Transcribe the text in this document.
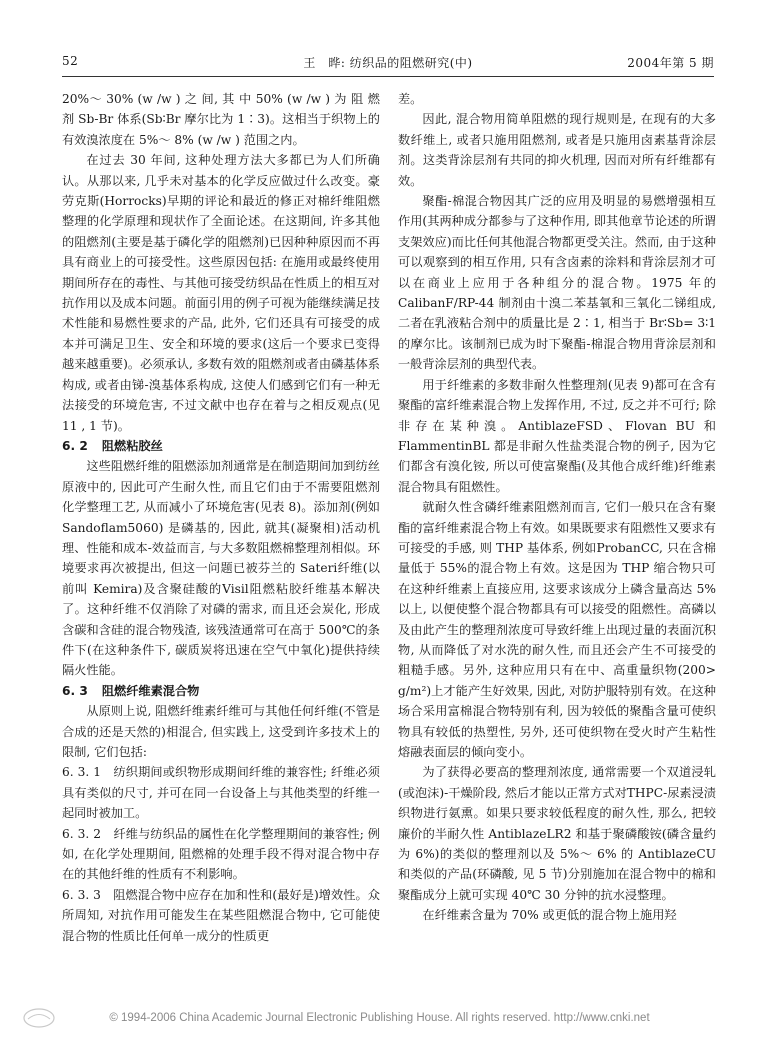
52	王　晔: 纺织品的阻燃研究(中)	2004年第 5 期

20%～ 30% (w /w ) 之 间, 其 中 50% (w /w ) 为 阻 燃 剂 Sb-Br 体系(Sb∶Br 摩尔比为 1∶3)。这相当于织物上的有效溴浓度在 5%～ 8% (w /w ) 范围之内。

在过去 30 年间, 这种处理方法大多都已为人们所确认。从那以来, 几乎未对基本的化学反应做过什么改变。豪劳克斯(Horrocks)早期的评论和最近的修正对棉纤维阻燃整理的化学原理和现状作了全面论述。在这期间, 许多其他的阻燃剂(主要是基于磷化学的阻燃剂)已因种种原因而不再具有商业上的可接受性。这些原因包括: 在施用或最终使用期间所存在的毒性、与其他可接受纺织品在性质上的相互对抗作用以及成本问题。前面引用的例子可视为能继续满足技术性能和易燃性要求的产品, 此外, 它们还具有可接受的成本并可满足卫生、安全和环境的要求(这后一个要求已变得越来越重要)。必须承认, 多数有效的阻燃剂或者由磷基体系构成, 或者由锑-溴基体系构成, 这使人们感到它们有一种无法接受的环境危害, 不过文献中也存在着与之相反观点(见 11 , 1 节)。

6. 2 阻燃粘胶丝

这些阻燃纤维的阻燃添加剂通常是在制造期间加到纺丝原液中的, 因此可产生耐久性, 而且它们由于不需要阻燃剂化学整理工艺, 从而减小了环境危害(见表 8)。添加剂(例如 Sandoflam5060) 是磷基的, 因此, 就其(凝聚相)活动机理、性能和成本-效益而言, 与大多数阻燃棉整理剂相似。环境要求再次被提出, 但这一问题已被芬兰的 Sateri纤维(以前叫 Kemira)及含聚硅酸的Visil阻燃粘胶纤维基本解决了。这种纤维不仅消除了对磷的需求, 而且还会炭化, 形成含碳和含硅的混合物残渣, 该残渣通常可在高于 500℃的条件下(在这种条件下, 碳质炭将迅速在空气中氧化)提供持续隔火性能。

6. 3 阻燃纤维素混合物

从原则上说, 阻燃纤维素纤维可与其他任何纤维(不管是合成的还是天然的)相混合, 但实践上, 这受到许多技术上的限制, 它们包括:

6. 3. 1　纺织期间或织物形成期间纤维的兼容性; 纤维必须具有类似的尺寸, 并可在同一台设备上与其他类型的纤维一起同时被加工。

6. 3. 2　纤维与纺织品的属性在化学整理期间的兼容性; 例如, 在化学处理期间, 阻燃棉的处理手段不得对混合物中存在的其他纤维的性质有不利影响。

6. 3. 3　阻燃混合物中应存在加和性和(最好是)增效性。众所周知, 对抗作用可能发生在某些阻燃混合物中, 它可能使混合物的性质比任何单一成分的性质更

差。

因此, 混合物用简单阻燃的现行规则是, 在现有的大多数纤维上, 或者只施用阻燃剂, 或者是只施用卤素基背涂层剂。这类背涂层剂有共同的抑火机理, 因而对所有纤维都有效。

聚酯-棉混合物因其广泛的应用及明显的易燃增强相互作用(其两种成分都参与了这种作用, 即其他章节论述的所谓支架效应)而比任何其他混合物都更受关注。然而, 由于这种可以观察到的相互作用, 只有含卤素的涂料和背涂层剂才可以在商业上应用于各种组分的混合物。1975 年的CalibanF/RP-44 制剂由十溴二苯基氧和三氧化二锑组成, 二者在乳液粘合剂中的质量比是 2∶1, 相当于 Br∶Sb= 3∶1 的摩尔比。该制剂已成为时下聚酯-棉混合物用背涂层剂和一般背涂层剂的典型代表。

用于纤维素的多数非耐久性整理剂(见表 9)都可在含有聚酯的富纤维素混合物上发挥作用, 不过, 反之并不可行; 除非存在某种溴。AntiblazeFSD、Flovan BU 和 FlammentinBL 都是非耐久性盐类混合物的例子, 因为它们都含有溴化铵, 所以可使富聚酯(及其他合成纤维)纤维素混合物具有阻燃性。

就耐久性含磷纤维素阻燃剂而言, 它们一般只在含有聚酯的富纤维素混合物上有效。如果既要求有阻燃性又要求有可接受的手感, 则 THP 基体系, 例如ProbanCC, 只在含棉量低于 55%的混合物上有效。这是因为 THP 缩合物只可在这种纤维素上直接应用, 这要求该成分上磷含量高达 5%以上, 以便使整个混合物都具有可以接受的阻燃性。高磷以及由此产生的整理剂浓度可导致纤维上出现过量的表面沉积物, 从而降低了对水洗的耐久性, 而且还会产生不可接受的粗糙手感。另外, 这种应用只有在中、高重量织物(200> g/m²)上才能产生好效果, 因此, 对防护服特别有效。在这种场合采用富棉混合物特别有利, 因为较低的聚酯含量可使织物具有较低的热塑性, 另外, 还可使织物在受火时产生粘性熔融表面层的倾向变小。

为了获得必要高的整理剂浓度, 通常需要一个双道浸轧(或泡沫)-干燥阶段, 然后才能以正常方式对THPC-尿素浸渍织物进行氨熏。如果只要求较低程度的耐久性, 那么, 把较廉价的半耐久性 AntiblazeLR2 和基于聚磷酸铵(磷含量约为 6%)的类似的整理剂以及 5%～ 6% 的 AntiblazeCU 和类似的产品(环磷酸, 见 5 节)分别施加在混合物中的棉和聚酯成分上就可实现 40℃ 30 分钟的抗水浸整理。

在纤维素含量为 70% 或更低的混合物上施用羟

© 1994-2006 China Academic Journal Electronic Publishing House. All rights reserved. http://www.cnki.net
